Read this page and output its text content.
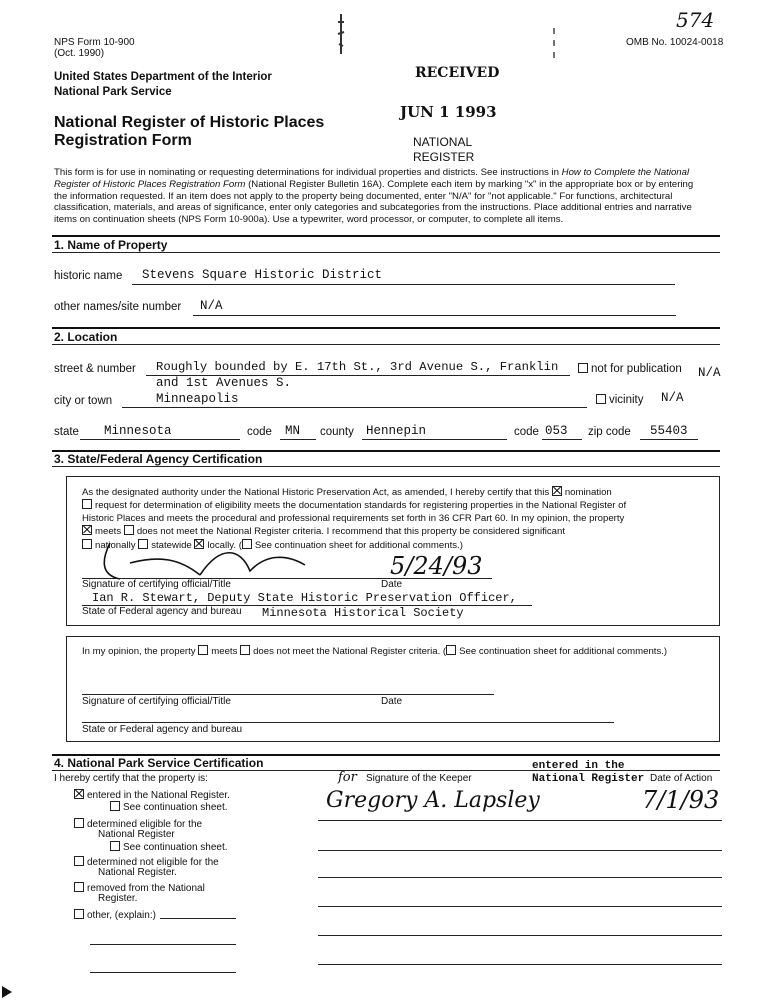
574
NPS Form 10-900
(Oct. 1990)
OMB No. 10024-0018
United States Department of the Interior
National Park Service
National Register of Historic Places
Registration Form
RECEIVED
JUN 1 1993
NATIONAL
REGISTER
This form is for use in nominating or requesting determinations for individual properties and districts. See instructions in How to Complete the National Register of Historic Places Registration Form (National Register Bulletin 16A). Complete each item by marking "x" in the appropriate box or by entering the information requested. If an item does not apply to the property being documented, enter "N/A" for "not applicable." For functions, architectural classification, materials, and areas of significance, enter only categories and subcategories from the instructions. Place additional entries and narrative items on continuation sheets (NPS Form 10-900a). Use a typewriter, word processor, or computer, to complete all items.
1. Name of Property
historic name Stevens Square Historic District
other names/site number N/A
2. Location
street & number Roughly bounded by E. 17th St., 3rd Avenue S., Franklin
and 1st Avenues S.
not for publication N/A
city or town	Minneapolis	vicinity N/A
state Minnesota	code MN county Hennepin	code 053 zip code 55403
3. State/Federal Agency Certification
As the designated authority under the National Historic Preservation Act, as amended, I hereby certify that this nomination
request for determination of eligibility meets the documentation standards for registering properties in the National Register of
Historic Places and meets the procedural and professional requirements set forth in 36 CFR Part 60. In my opinion, the property
meets does not meet the National Register criteria. I recommend that this property be considered significant
nationally statewide locally. ( See continuation sheet for additional comments.)
5/24/93
Signature of certifying official/Title	Date
Ian R. Stewart, Deputy State Historic Preservation Officer,
State of Federal agency and bureau Minnesota Historical Society
In my opinion, the property meets does not meet the National Register criteria. ( See continuation sheet for additional comments.)
Signature of certifying official/Title	Date
State or Federal agency and bureau
4. National Park Service Certification
I hereby certify that the property is:	for Signature of the Keeper
entered in the
National Register Date of Action
Gregory A. Lapsley	7/1/93
entered in the National Register.
See continuation sheet.
determined eligible for the
National Register
See continuation sheet.
determined not eligible for the
National Register.
removed from the National
Register.
other, (explain:)
